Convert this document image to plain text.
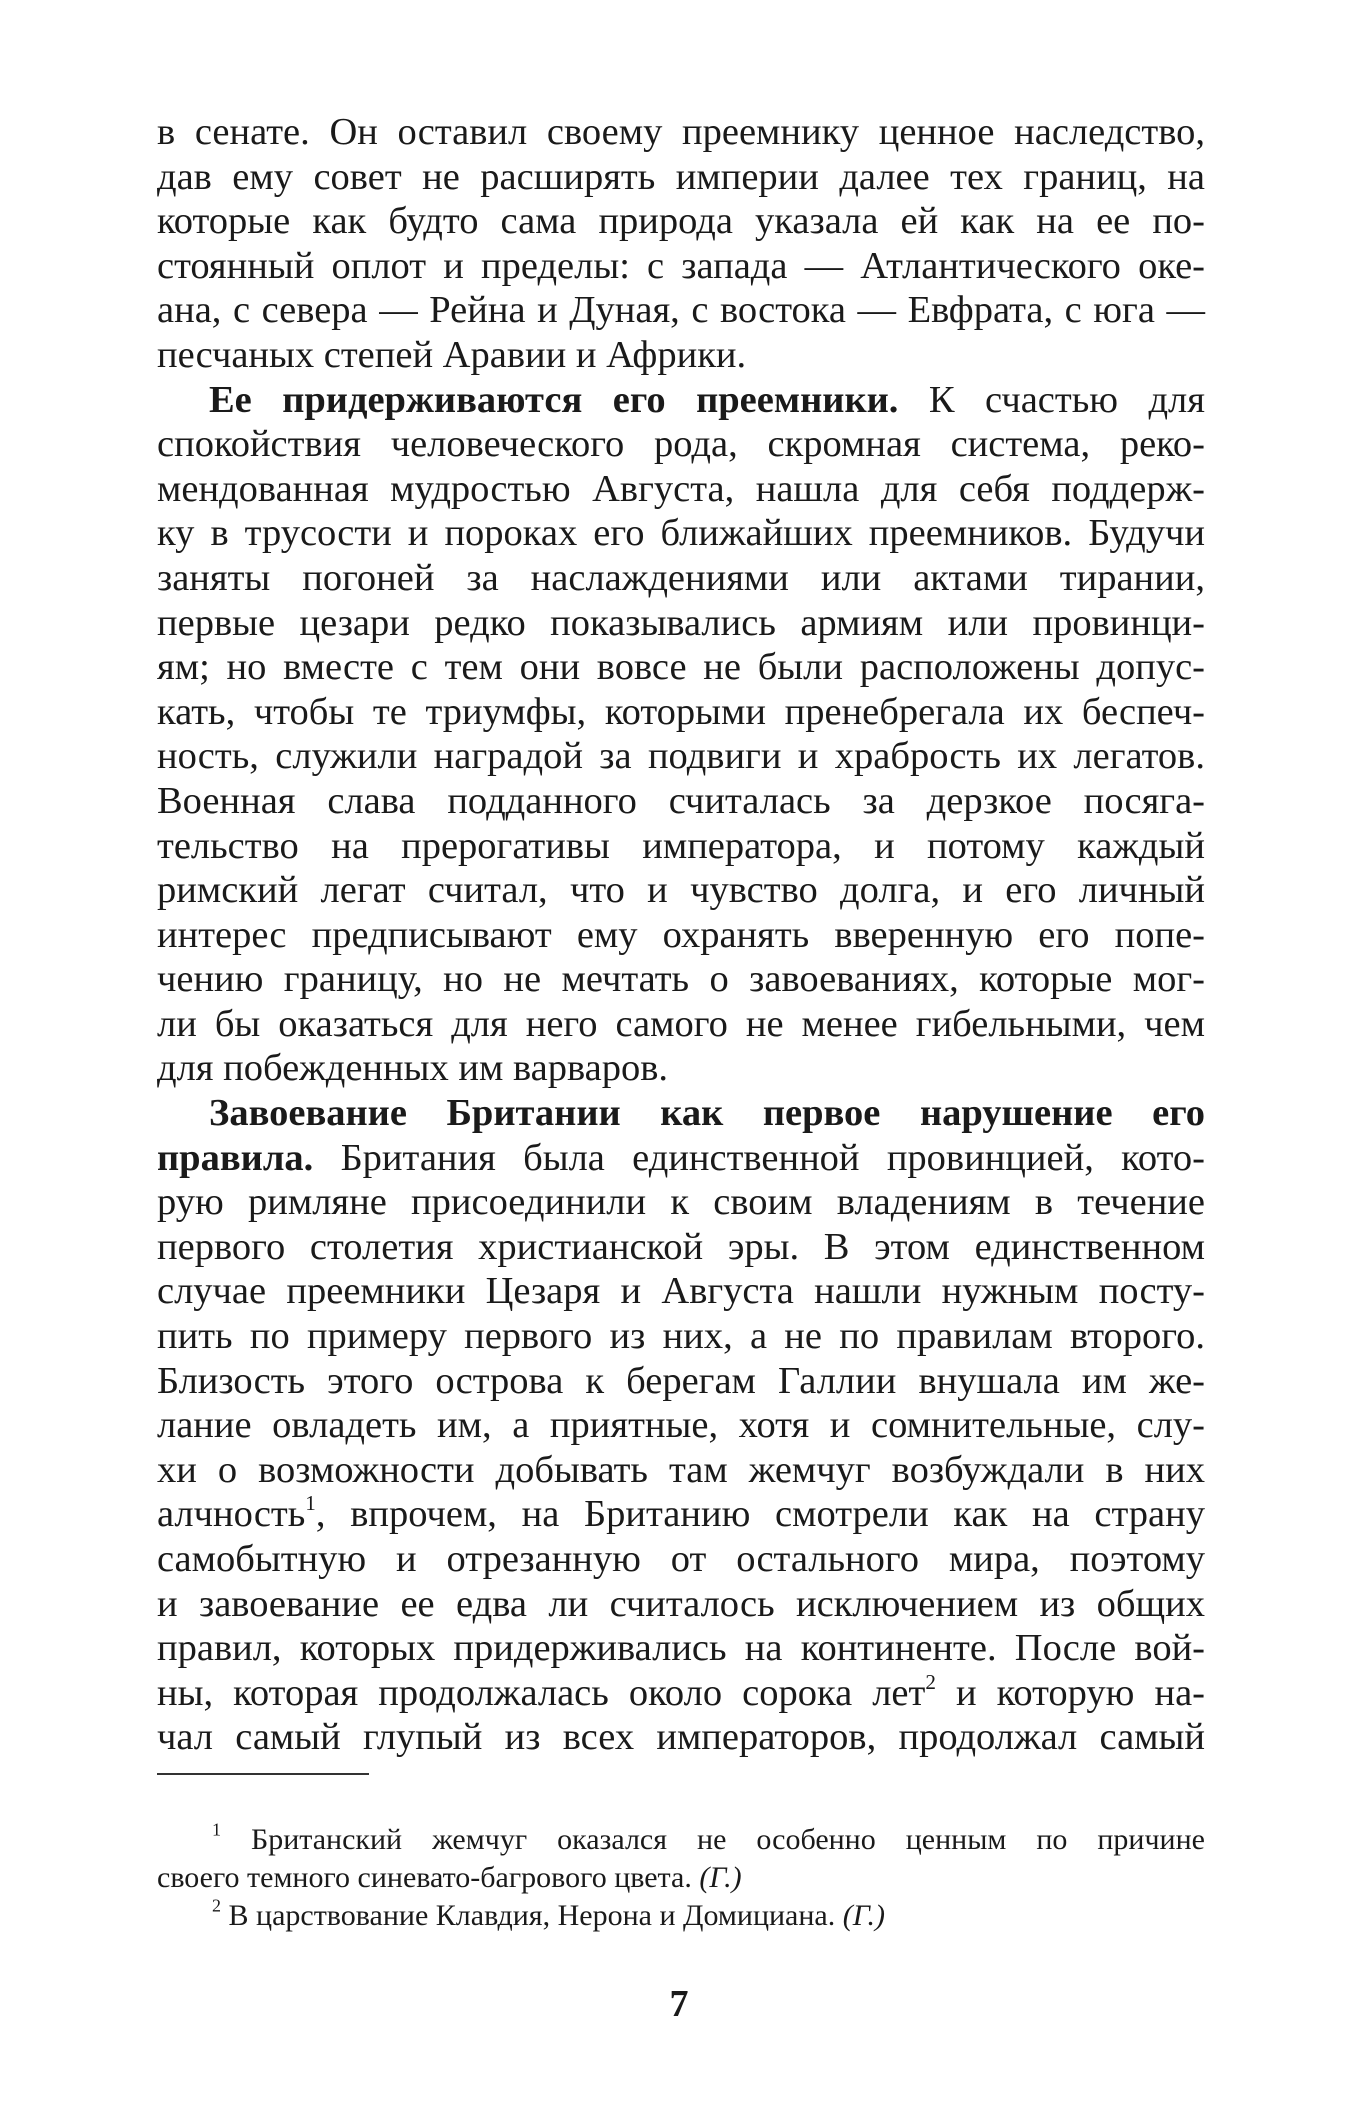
в сенате. Он оставил своему преемнику ценное наследство,
дав ему совет не расширять империи далее тех границ, на
которые как будто сама природа указала ей как на ее по-
стоянный оплот и пределы: с запада — Атлантического оке-
ана, с севера — Рейна и Дуная, с востока — Евфрата, с юга —
песчаных степей Аравии и Африки.
Ее придерживаются его преемники. К счастью для
спокойствия человеческого рода, скромная система, реко-
мендованная мудростью Августа, нашла для себя поддерж-
ку в трусости и пороках его ближайших преемников. Будучи
заняты погоней за наслаждениями или актами тирании,
первые цезари редко показывались армиям или провинци-
ям; но вместе с тем они вовсе не были расположены допус-
кать, чтобы те триумфы, которыми пренебрегала их беспеч-
ность, служили наградой за подвиги и храбрость их легатов.
Военная слава подданного считалась за дерзкое посяга-
тельство на прерогативы императора, и потому каждый
римский легат считал, что и чувство долга, и его личный
интерес предписывают ему охранять вверенную его попе-
чению границу, но не мечтать о завоеваниях, которые мог-
ли бы оказаться для него самого не менее гибельными, чем
для побежденных им варваров.
Завоевание Британии как первое нарушение его
правила. Британия была единственной провинцией, кото-
рую римляне присоединили к своим владениям в течение
первого столетия христианской эры. В этом единственном
случае преемники Цезаря и Августа нашли нужным посту-
пить по примеру первого из них, а не по правилам второго.
Близость этого острова к берегам Галлии внушала им же-
лание овладеть им, а приятные, хотя и сомнительные, слу-
хи о возможности добывать там жемчуг возбуждали в них
алчность$^1$, впрочем, на Британию смотрели как на страну
самобытную и отрезанную от остального мира, поэтому
и завоевание ее едва ли считалось исключением из общих
правил, которых придерживались на континенте. После вой-
ны, которая продолжалась около сорока лет$^2$ и которую на-
чал самый глупый из всех императоров, продолжал самый
$^1$ Британский жемчуг оказался не особенно ценным по причине
своего темного синевато-багрового цвета. (Г.)
$^2$ В царствование Клавдия, Нерона и Домициана. (Г.)
7
